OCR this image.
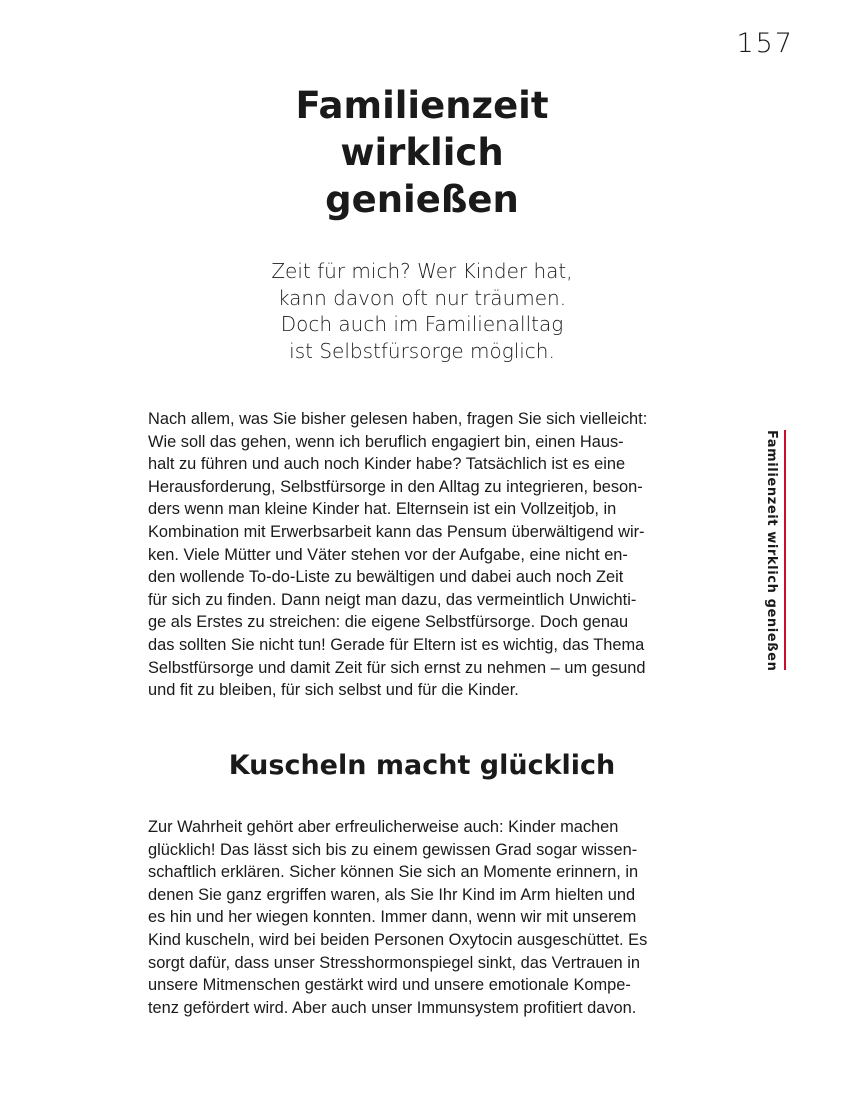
157
Familienzeit
wirklich
genießen
Zeit für mich? Wer Kinder hat,
kann davon oft nur träumen.
Doch auch im Familienalltag
ist Selbstfürsorge möglich.
Nach allem, was Sie bisher gelesen haben, fragen Sie sich vielleicht:
Wie soll das gehen, wenn ich beruflich engagiert bin, einen Haus-
halt zu führen und auch noch Kinder habe? Tatsächlich ist es eine
Herausforderung, Selbstfürsorge in den Alltag zu integrieren, beson-
ders wenn man kleine Kinder hat. Elternsein ist ein Vollzeitjob, in
Kombination mit Erwerbsarbeit kann das Pensum überwältigend wir-
ken. Viele Mütter und Väter stehen vor der Aufgabe, eine nicht en-
den wollende To-do-Liste zu bewältigen und dabei auch noch Zeit
für sich zu finden. Dann neigt man dazu, das vermeintlich Unwichti-
ge als Erstes zu streichen: die eigene Selbstfürsorge. Doch genau
das sollten Sie nicht tun! Gerade für Eltern ist es wichtig, das Thema
Selbstfürsorge und damit Zeit für sich ernst zu nehmen – um gesund
und fit zu bleiben, für sich selbst und für die Kinder.
Kuscheln macht glücklich
Zur Wahrheit gehört aber erfreulicherweise auch: Kinder machen
glücklich! Das lässt sich bis zu einem gewissen Grad sogar wissen-
schaftlich erklären. Sicher können Sie sich an Momente erinnern, in
denen Sie ganz ergriffen waren, als Sie Ihr Kind im Arm hielten und
es hin und her wiegen konnten. Immer dann, wenn wir mit unserem
Kind kuscheln, wird bei beiden Personen Oxytocin ausgeschüttet. Es
sorgt dafür, dass unser Stresshormonspiegel sinkt, das Vertrauen in
unsere Mitmenschen gestärkt wird und unsere emotionale Kompe-
tenz gefördert wird. Aber auch unser Immunsystem profitiert davon.
Familienzeit wirklich genießen
